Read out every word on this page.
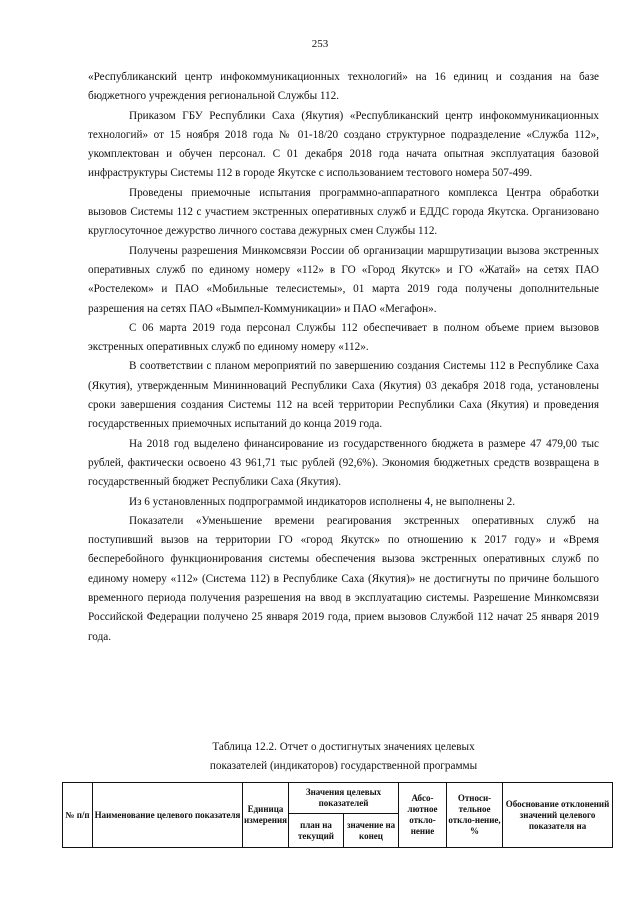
253

«Республиканский центр инфокоммуникационных технологий» на 16 единиц и создания на базе бюджетного учреждения региональной Службы 112.

Приказом ГБУ Республики Саха (Якутия) «Республиканский центр инфокоммуникационных технологий» от 15 ноября 2018 года № 01-18/20 создано структурное подразделение «Служба 112», укомплектован и обучен персонал. С 01 декабря 2018 года начата опытная эксплуатация базовой инфраструктуры Системы 112 в городе Якутске с использованием тестового номера 507-499.

Проведены приемочные испытания программно-аппаратного комплекса Центра обработки вызовов Системы 112 с участием экстренных оперативных служб и ЕДДС города Якутска. Организовано круглосуточное дежурство личного состава дежурных смен Службы 112.

Получены разрешения Минкомсвязи России об организации маршрутизации вызова экстренных оперативных служб по единому номеру «112» в ГО «Город Якутск» и ГО «Жатай» на сетях ПАО «Ростелеком» и ПАО «Мобильные телесистемы», 01 марта 2019 года получены дополнительные разрешения на сетях ПАО «Вымпел-Коммуникации» и ПАО «Мегафон».

С 06 марта 2019 года персонал Службы 112 обеспечивает в полном объеме прием вызовов экстренных оперативных служб по единому номеру «112».

В соответствии с планом мероприятий по завершению создания Системы 112 в Республике Саха (Якутия), утвержденным Мининноваций Республики Саха (Якутия) 03 декабря 2018 года, установлены сроки завершения создания Системы 112 на всей территории Республики Саха (Якутия) и проведения государственных приемочных испытаний до конца 2019 года.

На 2018 год выделено финансирование из государственного бюджета в размере 47 479,00 тыс рублей, фактически освоено 43 961,71 тыс рублей (92,6%). Экономия бюджетных средств возвращена в государственный бюджет Республики Саха (Якутия).

Из 6 установленных подпрограммой индикаторов исполнены 4, не выполнены 2.

Показатели «Уменьшение времени реагирования экстренных оперативных служб на поступивший вызов на территории ГО «город Якутск» по отношению к 2017 году» и «Время бесперебойного функционирования системы обеспечения вызова экстренных оперативных служб по единому номеру «112» (Система 112) в Республике Саха (Якутия)» не достигнуты по причине большого временного периода получения разрешения на ввод в эксплуатацию системы. Разрешение Минкомсвязи Российской Федерации получено 25 января 2019 года, прием вызовов Службой 112 начат 25 января 2019 года.

Таблица 12.2. Отчет о достигнутых значениях целевых
показателей (индикаторов) государственной программы
№ п/п	Наименование целевого показателя	Единица измерения	Значения целевых показателей		Абсо-лютное откло-нение	Относи-тельное откло-нение, %	Обоснование отклонений значений целевого показателя на
			план на текущий	значение на конец			
